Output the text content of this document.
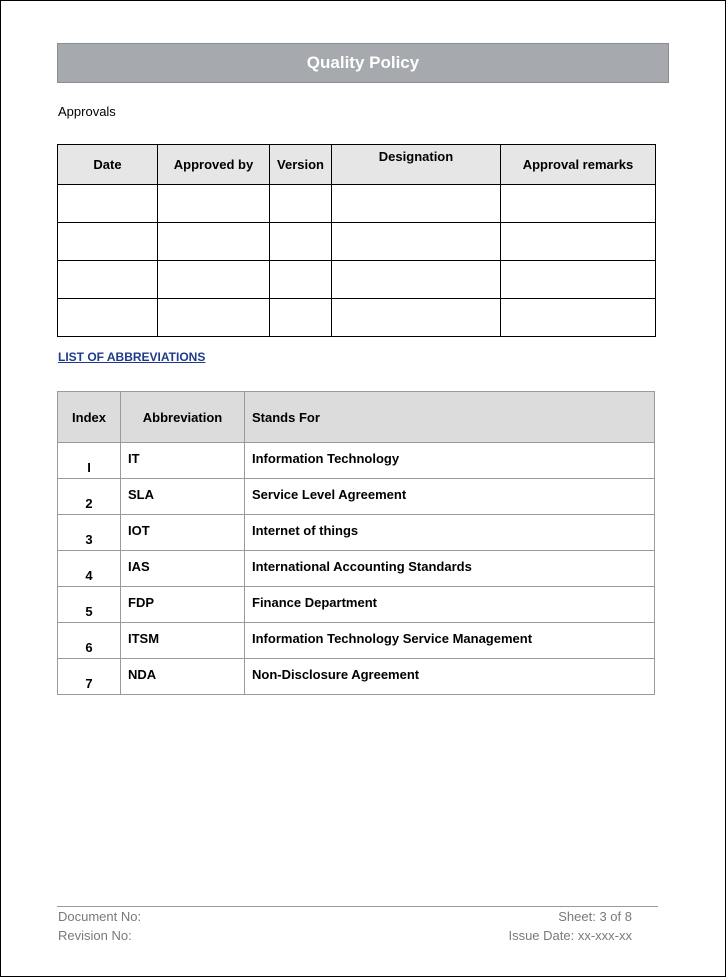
Quality Policy
Approvals
Date	Approved by	Version	Designation	Approval remarks

LIST OF ABBREVIATIONS
Index	Abbreviation	Stands For
I	IT	Information Technology
2	SLA	Service Level Agreement
3	IOT	Internet of things
4	IAS	International Accounting Standards
5	FDP	Finance Department
6	ITSM	Information Technology Service Management
7	NDA	Non-Disclosure Agreement
Document No:
Revision No:
Sheet: 3 of 8
Issue Date: xx-xxx-xx
